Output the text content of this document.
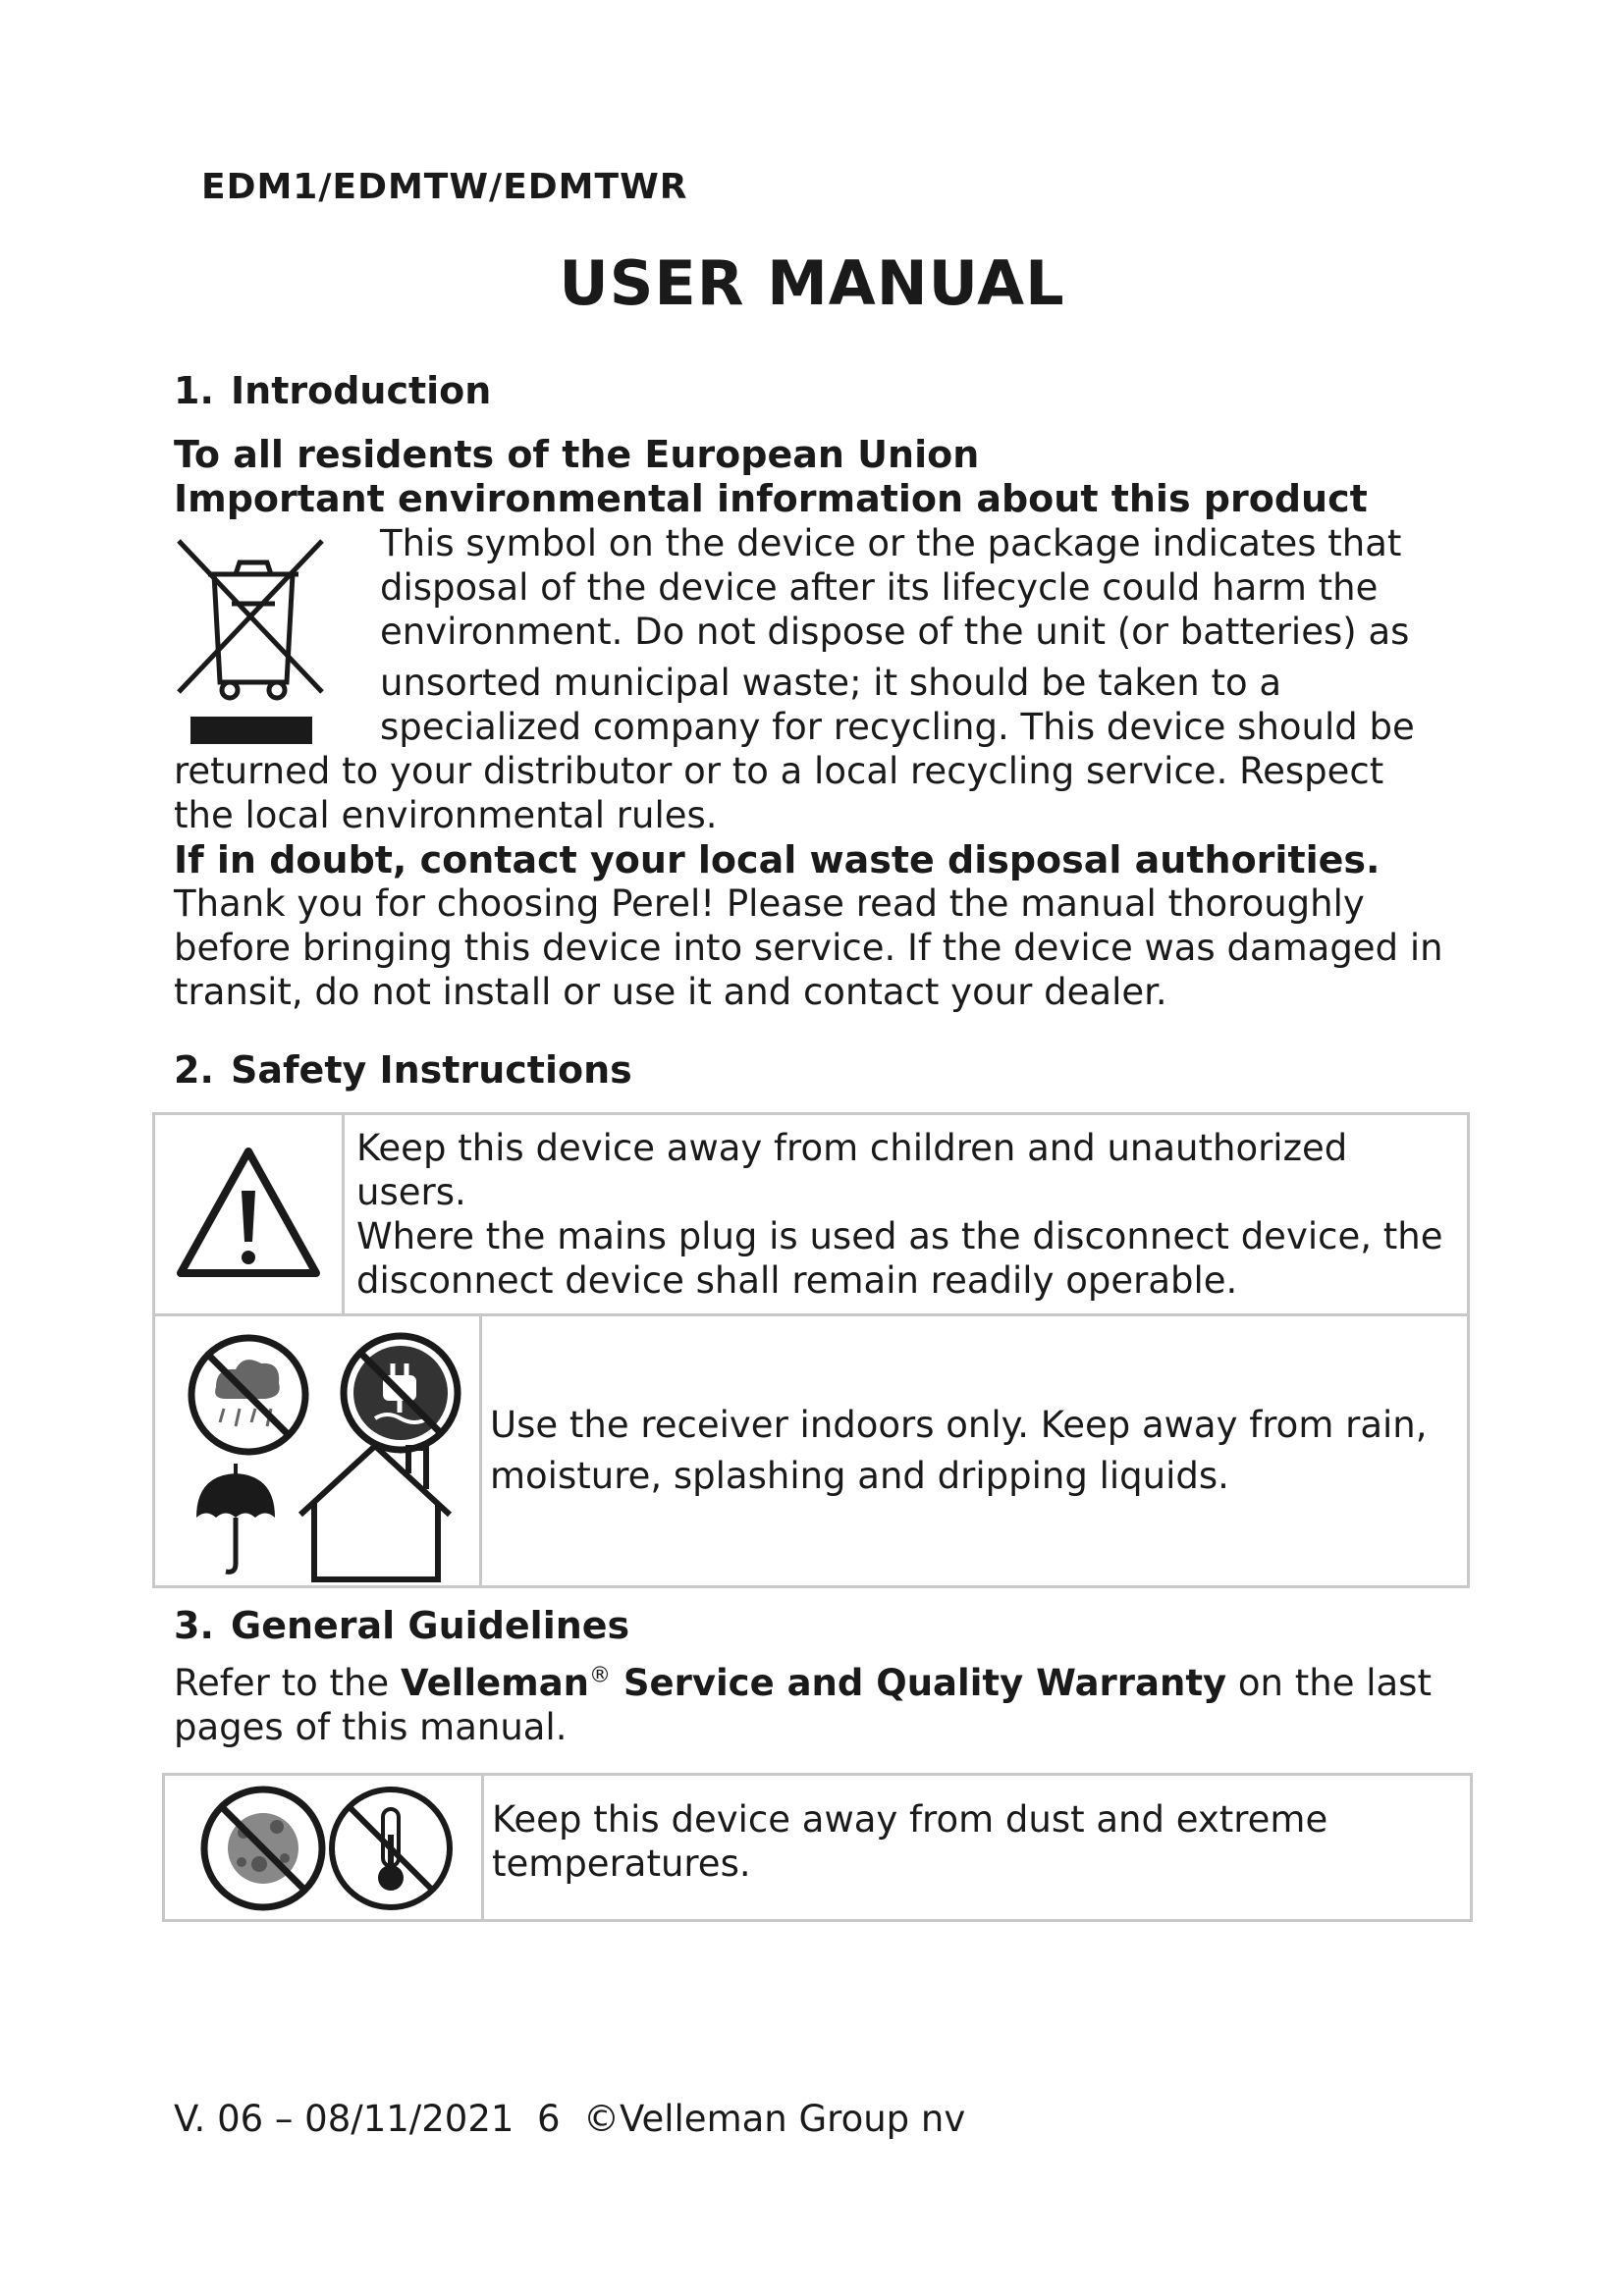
EDM1/EDMTW/EDMTWR
USER MANUAL
1. Introduction
To all residents of the European Union
Important environmental information about this product
This symbol on the device or the package indicates that
disposal of the device after its lifecycle could harm the
environment. Do not dispose of the unit (or batteries) as
unsorted municipal waste; it should be taken to a
specialized company for recycling. This device should be
returned to your distributor or to a local recycling service. Respect
the local environmental rules.
If in doubt, contact your local waste disposal authorities.
Thank you for choosing Perel! Please read the manual thoroughly
before bringing this device into service. If the device was damaged in
transit, do not install or use it and contact your dealer.
2. Safety Instructions

Keep this device away from children and unauthorized
users.
Where the mains plug is used as the disconnect device, the
disconnect device shall remain readily operable.

Use the receiver indoors only. Keep away from rain,
moisture, splashing and dripping liquids.
3. General Guidelines
Refer to the Velleman® Service and Quality Warranty on the last
pages of this manual.

Keep this device away from dust and extreme
temperatures.
V. 06 – 08/11/2021 6 ©Velleman Group nv
